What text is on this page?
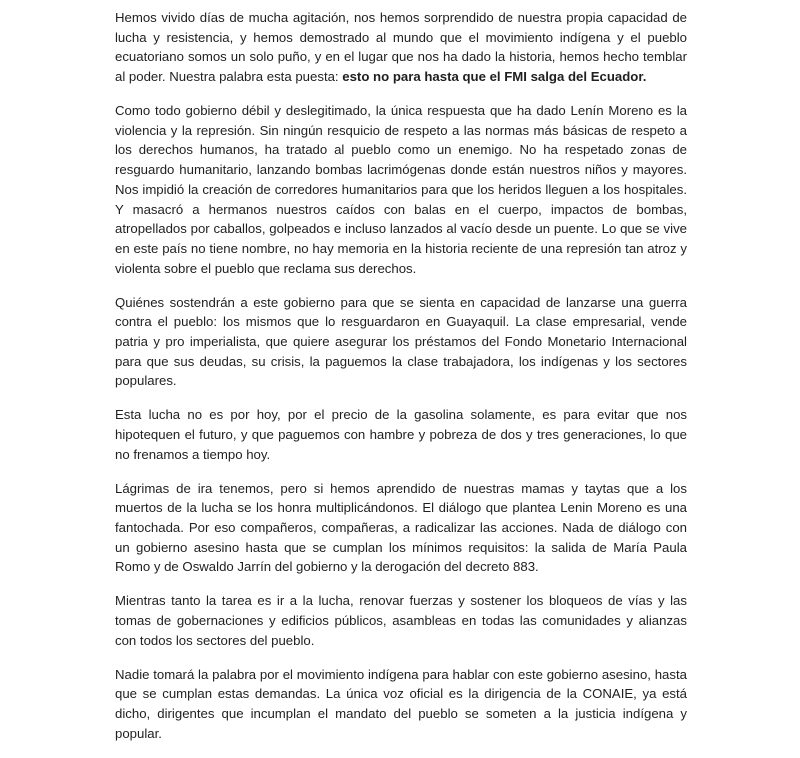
Hemos vivido días de mucha agitación, nos hemos sorprendido de nuestra propia capacidad de lucha y resistencia, y hemos demostrado al mundo que el movimiento indígena y el pueblo ecuatoriano somos un solo puño, y en el lugar que nos ha dado la historia, hemos hecho temblar al poder. Nuestra palabra esta puesta: esto no para hasta que el FMI salga del Ecuador.

Como todo gobierno débil y deslegitimado, la única respuesta que ha dado Lenín Moreno es la violencia y la represión. Sin ningún resquicio de respeto a las normas más básicas de respeto a los derechos humanos, ha tratado al pueblo como un enemigo. No ha respetado zonas de resguardo humanitario, lanzando bombas lacrimógenas donde están nuestros niños y mayores. Nos impidió la creación de corredores humanitarios para que los heridos lleguen a los hospitales. Y masacró a hermanos nuestros caídos con balas en el cuerpo, impactos de bombas, atropellados por caballos, golpeados e incluso lanzados al vacío desde un puente. Lo que se vive en este país no tiene nombre, no hay memoria en la historia reciente de una represión tan atroz y violenta sobre el pueblo que reclama sus derechos.

Quiénes sostendrán a este gobierno para que se sienta en capacidad de lanzarse una guerra contra el pueblo: los mismos que lo resguardaron en Guayaquil. La clase empresarial, vende patria y pro imperialista, que quiere asegurar los préstamos del Fondo Monetario Internacional para que sus deudas, su crisis, la paguemos la clase trabajadora, los indígenas y los sectores populares.

Esta lucha no es por hoy, por el precio de la gasolina solamente, es para evitar que nos hipotequen el futuro, y que paguemos con hambre y pobreza de dos y tres generaciones, lo que no frenamos a tiempo hoy.

Lágrimas de ira tenemos, pero si hemos aprendido de nuestras mamas y taytas que a los muertos de la lucha se los honra multiplicándonos. El diálogo que plantea Lenin Moreno es una fantochada. Por eso compañeros, compañeras, a radicalizar las acciones. Nada de diálogo con un gobierno asesino hasta que se cumplan los mínimos requisitos: la salida de María Paula Romo y de Oswaldo Jarrín del gobierno y la derogación del decreto 883.

Mientras tanto la tarea es ir a la lucha, renovar fuerzas y sostener los bloqueos de vías y las tomas de gobernaciones y edificios públicos, asambleas en todas las comunidades y alianzas con todos los sectores del pueblo.

Nadie tomará la palabra por el movimiento indígena para hablar con este gobierno asesino, hasta que se cumplan estas demandas. La única voz oficial es la dirigencia de la CONAIE, ya está dicho, dirigentes que incumplan el mandato del pueblo se someten a la justicia indígena y popular.
